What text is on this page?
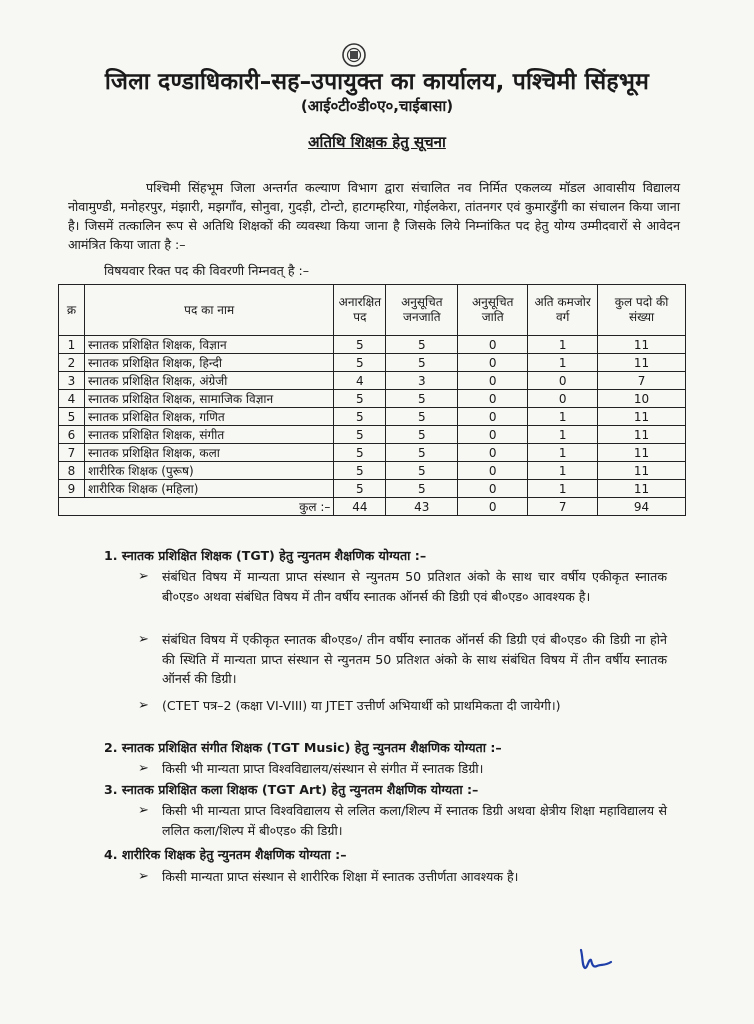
जिला दण्डाधिकारी–सह–उपायुक्त का कार्यालय, पश्चिमी सिंहभूम
(आई०टी०डी०ए०,चाईबासा)
अतिथि शिक्षक हेतु सूचना
पश्चिमी सिंहभूम जिला अन्तर्गत कल्याण विभाग द्वारा संचालित नव निर्मित एकलव्य मॉडल आवासीय विद्यालय नोवामुण्डी, मनोहरपुर, मंझारी, मझगाँव, सोनुवा, गुदड़ी, टोन्टो, हाटगम्हरिया, गोईलकेरा, तांतनगर एवं कुमारडुँगी का संचालन किया जाना है। जिसमें तत्कालिन रूप से अतिथि शिक्षकों की व्यवस्था किया जाना है जिसके लिये निम्नांकित पद हेतु योग्य उम्मीदवारों से आवेदन आमंत्रित किया जाता है :–
विषयवार रिक्त पद की विवरणी निम्नवत् है :–
क्र	पद का नाम	अनारक्षित पद	अनुसूचित जनजाति	अनुसूचित जाति	अति कमजोर वर्ग	कुल पदो की संख्या
1	स्नातक प्रशिक्षित शिक्षक, विज्ञान	5	5	0	1	11
2	स्नातक प्रशिक्षित शिक्षक, हिन्दी	5	5	0	1	11
3	स्नातक प्रशिक्षित शिक्षक, अंग्रेजी	4	3	0	0	7
4	स्नातक प्रशिक्षित शिक्षक, सामाजिक विज्ञान	5	5	0	0	10
5	स्नातक प्रशिक्षित शिक्षक, गणित	5	5	0	1	11
6	स्नातक प्रशिक्षित शिक्षक, संगीत	5	5	0	1	11
7	स्नातक प्रशिक्षित शिक्षक, कला	5	5	0	1	11
8	शारीरिक शिक्षक (पुरूष)	5	5	0	1	11
9	शारीरिक शिक्षक (महिला)	5	5	0	1	11
कुल :–		44	43	0	7	94
1. स्नातक प्रशिक्षित शिक्षक (TGT) हेतु न्युनतम शैक्षणिक योग्यता :–
➢ संबंधित विषय में मान्यता प्राप्त संस्थान से न्युनतम 50 प्रतिशत अंको के साथ चार वर्षीय एकीकृत स्नातक बी०एड० अथवा संबंधित विषय में तीन वर्षीय स्नातक ऑनर्स की डिग्री एवं बी०एड० आवश्यक है।
➢ संबंधित विषय में एकीकृत स्नातक बी०एड०/ तीन वर्षीय स्नातक ऑनर्स की डिग्री एवं बी०एड० की डिग्री ना होने की स्थिति में मान्यता प्राप्त संस्थान से न्युनतम 50 प्रतिशत अंको के साथ संबंधित विषय में तीन वर्षीय स्नातक ऑनर्स की डिग्री।
➢ (CTET पत्र–2 (कक्षा VI-VIII) या JTET उत्तीर्ण अभियार्थी को प्राथमिकता दी जायेगी।)
2. स्नातक प्रशिक्षित संगीत शिक्षक (TGT Music) हेतु न्युनतम शैक्षणिक योग्यता :–
➢ किसी भी मान्यता प्राप्त विश्वविद्यालय/संस्थान से संगीत में स्नातक डिग्री।
3. स्नातक प्रशिक्षित कला शिक्षक (TGT Art) हेतु न्युनतम शैक्षणिक योग्यता :–
➢ किसी भी मान्यता प्राप्त विश्वविद्यालय से ललित कला/शिल्प में स्नातक डिग्री अथवा क्षेत्रीय शिक्षा महाविद्यालय से ललित कला/शिल्प में बी०एड० की डिग्री।
4. शारीरिक शिक्षक हेतु न्युनतम शैक्षणिक योग्यता :–
➢ किसी मान्यता प्राप्त संस्थान से शारीरिक शिक्षा में स्नातक उत्तीर्णता आवश्यक है।
